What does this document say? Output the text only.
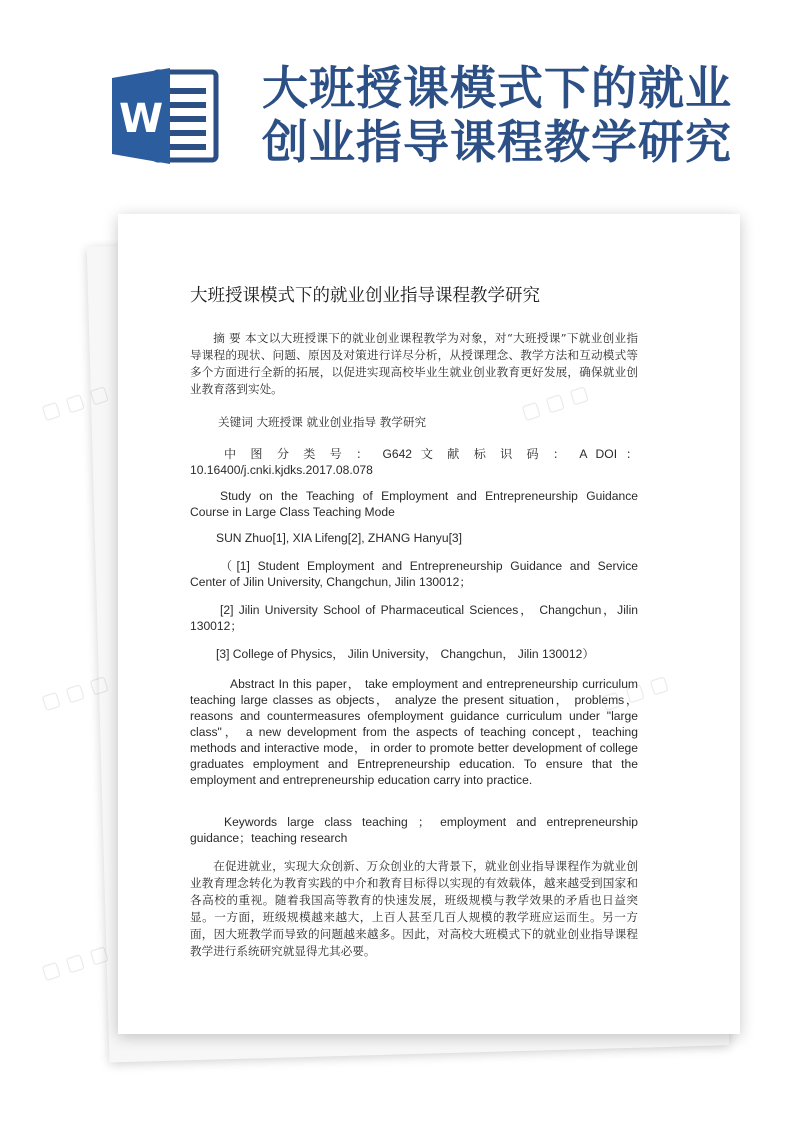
W
大班授课模式下的就业
创业指导课程教学研究
大班授课模式下的就业创业指导课程教学研究
摘 要 本文以大班授课下的就业创业课程教学为对象，对“大班授课”下就业创业指导课程的现状、问题、原因及对策进行详尽分析，从授课理念、教学方法和互动模式等多个方面进行全新的拓展，以促进实现高校毕业生就业创业教育更好发展，确保就业创业教育落到实处。
关键词 大班授课 就业创业指导 教学研究
中 图 分 类 号 ： G642 文 献 标 识 码 ： A DOI ： 10.16400/j.cnki.kjdks.2017.08.078
Study on the Teaching of Employment and Entrepreneurship Guidance Course in Large Class Teaching Mode
SUN Zhuo[1], XIA Lifeng[2], ZHANG Hanyu[3]
（[1] Student Employment and Entrepreneurship Guidance and Service Center of Jilin University, Changchun, Jilin 130012；
[2] Jilin University School of Pharmaceutical Sciences， Changchun，Jilin 130012；
[3] College of Physics， Jilin University， Changchun， Jilin 130012）
Abstract In this paper， take employment and entrepreneurship curriculum teaching large classes as objects， analyze the present situation， problems， reasons and countermeasures ofemployment guidance curriculum under "large class"， a new development from the aspects of teaching concept，teaching methods and interactive mode， in order to promote better development of college graduates employment and Entrepreneurship education. To ensure that the employment and entrepreneurship education carry into practice.
Keywords large class teaching ； employment and entrepreneurship guidance；teaching research
在促进就业，实现大众创新、万众创业的大背景下，就业创业指导课程作为就业创业教育理念转化为教育实践的中介和教育目标得以实现的有效载体，越来越受到国家和各高校的重视。随着我国高等教育的快速发展，班级规模与教学效果的矛盾也日益突显。一方面，班级规模越来越大，上百人甚至几百人规模的教学班应运而生。另一方面，因大班教学而导致的问题越来越多。因此，对高校大班模式下的就业创业指导课程教学进行系统研究就显得尤其必要。
▢ ▢ ▢	▢ ▢ ▢
▢ ▢ ▢	▢ ▢ ▢
▢ ▢ ▢
